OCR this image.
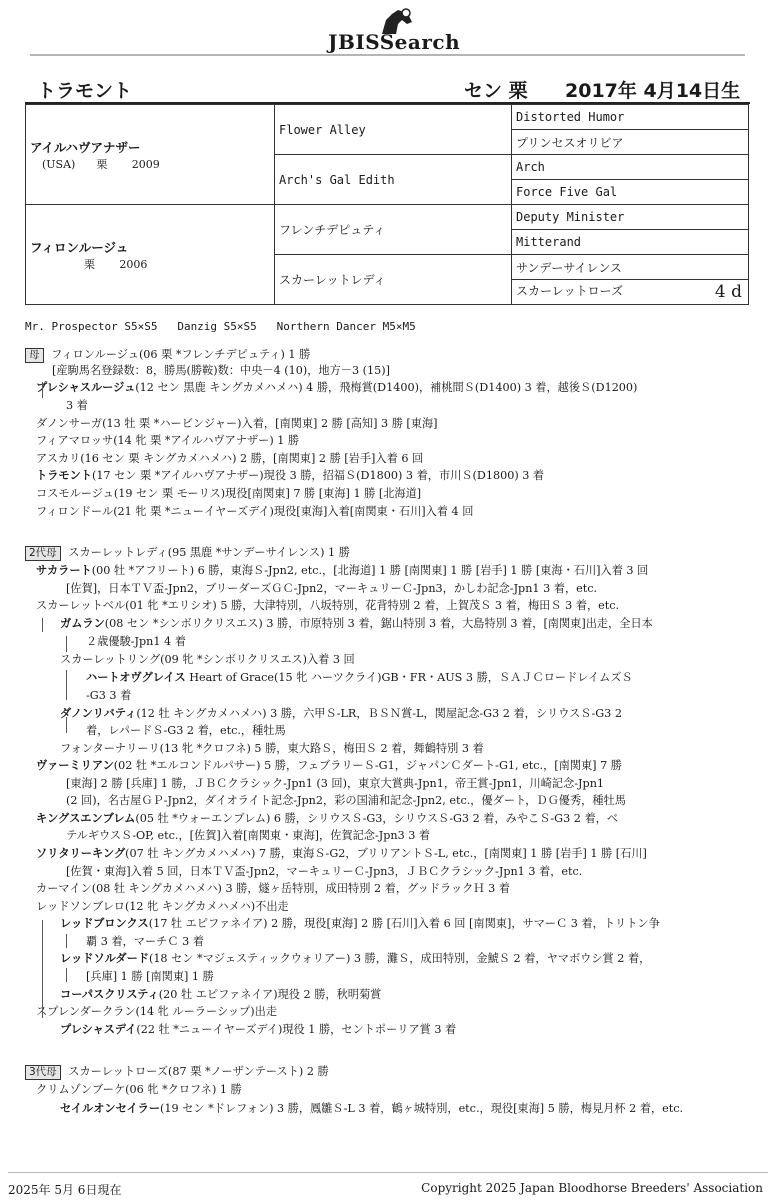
JBISSearch
トラモント	セン 栗 2017年 4月14日生
アイルハヴアナザー
(USA)      栗       2009	Flower Alley	Distorted Humor
		プリンセスオリビア
	Arch's Gal Edith	Arch
		Force Five Gal

フィロンルージュ
栗       2006	フレンチデピュティ	Deputy Minister
		Mitterand
	スカーレットレディ	サンデーサイレンス
		スカーレットローズ 4 d
Mr. Prospector S5×S5   Danzig S5×S5   Northern Dancer M5×M5
母 フィロンルージュ(06 栗 *フレンチデピュティ) 1 勝
2代母 スカーレットレディ(95 黒鹿 *サンデーサイレンス) 1 勝
3代母 スカーレットローズ(87 栗 *ノーザンテースト) 2 勝
[産駒馬名登録数：8，勝馬(勝鞍)数：中央－4 (10)，地方－3 (15)]
プレシャスルージュ(12 セン 黒鹿 キングカメハメハ) 4 勝，飛梅賞(D1400)，補桃間Ｓ(D1400) 3 着，越後Ｓ(D1200)
3 着
ダノンサーガ(13 牡 栗 *ハービンジャー)入着，[南関東] 2 勝 [高知] 3 勝 [東海]
フィアマロッサ(14 牝 栗 *アイルハヴアナザー) 1 勝
アスカリ(16 セン 栗 キングカメハメハ) 2 勝，[南関東] 2 勝 [岩手]入着 6 回
トラモント(17 セン 栗 *アイルハヴアナザー)現役 3 勝，招福Ｓ(D1800) 3 着，市川Ｓ(D1800) 3 着
コスモルージュ(19 セン 栗 モーリス)現役[南関東] 7 勝 [東海] 1 勝 [北海道]
フィロンドール(21 牝 栗 *ニューイヤーズデイ)現役[東海]入着[南関東・石川]入着 4 回
サカラート(00 牡 *アフリート) 6 勝，東海Ｓ-Jpn2, etc.，[北海道] 1 勝 [南関東] 1 勝 [岩手] 1 勝 [東海・石川]入着 3 回
[佐賀]，日本ＴＶ盃-Jpn2，ブリーダーズＧＣ-Jpn2，マーキュリーＣ-Jpn3，かしわ記念-Jpn1 3 着，etc.
スカーレットベル(01 牝 *エリシオ) 5 勝，大津特別，八坂特別，花背特別 2 着，上賀茂Ｓ 3 着，梅田Ｓ 3 着，etc.
ガムラン(08 セン *シンボリクリスエス) 3 勝，市原特別 3 着，鋸山特別 3 着，大島特別 3 着，[南関東]出走，全日本
２歳優駿-Jpn1 4 着
スカーレットリング(09 牝 *シンボリクリスエス)入着 3 回
ハートオヴグレイス Heart of Grace(15 牝 ハーツクライ)GB・FR・AUS 3 勝，ＳＡＪＣロードレイムズＳ
-G3 3 着
ダノンリバティ(12 牡 キングカメハメハ) 3 勝，六甲Ｓ-LR，ＢＳＮ賞-L，関屋記念-G3 2 着，シリウスＳ-G3 2
着，レパードＳ-G3 2 着，etc.，種牡馬
フォンターナリーリ(13 牝 *クロフネ) 5 勝，東大路Ｓ，梅田Ｓ 2 着，舞鶴特別 3 着
ヴァーミリアン(02 牡 *エルコンドルパサー) 5 勝，フェブラリーＳ-G1，ジャパンＣダート-G1, etc.，[南関東] 7 勝
[東海] 2 勝 [兵庫] 1 勝，ＪＢＣクラシック-Jpn1 (3 回)，東京大賞典-Jpn1，帝王賞-Jpn1，川崎記念-Jpn1
(2 回)，名古屋ＧＰ-Jpn2，ダイオライト記念-Jpn2，彩の国浦和記念-Jpn2, etc.，優ダート，ＤＧ優秀，種牡馬
キングスエンブレム(05 牡 *ウォーエンブレム) 6 勝，シリウスＳ-G3，シリウスＳ-G3 2 着，みやこＳ-G3 2 着，ベ
テルギウスＳ-OP, etc.，[佐賀]入着[南関東・東海]，佐賀記念-Jpn3 3 着
ソリタリーキング(07 牡 キングカメハメハ) 7 勝，東海Ｓ-G2，ブリリアントＳ-L, etc.，[南関東] 1 勝 [岩手] 1 勝 [石川]
[佐賀・東海]入着 5 回，日本ＴＶ盃-Jpn2，マーキュリーＣ-Jpn3，ＪＢＣクラシック-Jpn1 3 着，etc.
カーマイン(08 牡 キングカメハメハ) 3 勝，燧ヶ岳特別，成田特別 2 着，グッドラックＨ 3 着
レッドソンブレロ(12 牝 キングカメハメハ)不出走
レッドブロンクス(17 牡 エピファネイア) 2 勝，現役[東海] 2 勝 [石川]入着 6 回 [南関東]，サマーＣ 3 着，トリトン争
覇 3 着，マーチＣ 3 着
レッドソルダード(18 セン *マジェスティックウォリアー) 3 勝，灘Ｓ，成田特別，金鯱Ｓ 2 着，ヤマボウシ賞 2 着，
[兵庫] 1 勝 [南関東] 1 勝
コーパスクリスティ(20 牡 エピファネイア)現役 2 勝，秋明菊賞
スプレンダークラン(14 牝 ルーラーシップ)出走
プレシャスデイ(22 牡 *ニューイヤーズデイ)現役 1 勝，セントポーリア賞 3 着
クリムゾンブーケ(06 牝 *クロフネ) 1 勝
セイルオンセイラー(19 セン *ドレフォン) 3 勝，鳳雛Ｓ-L 3 着，鶴ヶ城特別，etc.，現役[東海] 5 勝，梅見月杯 2 着，etc.
2025年 5月 6日現在	Copyright 2025 Japan Bloodhorse Breeders' Association
